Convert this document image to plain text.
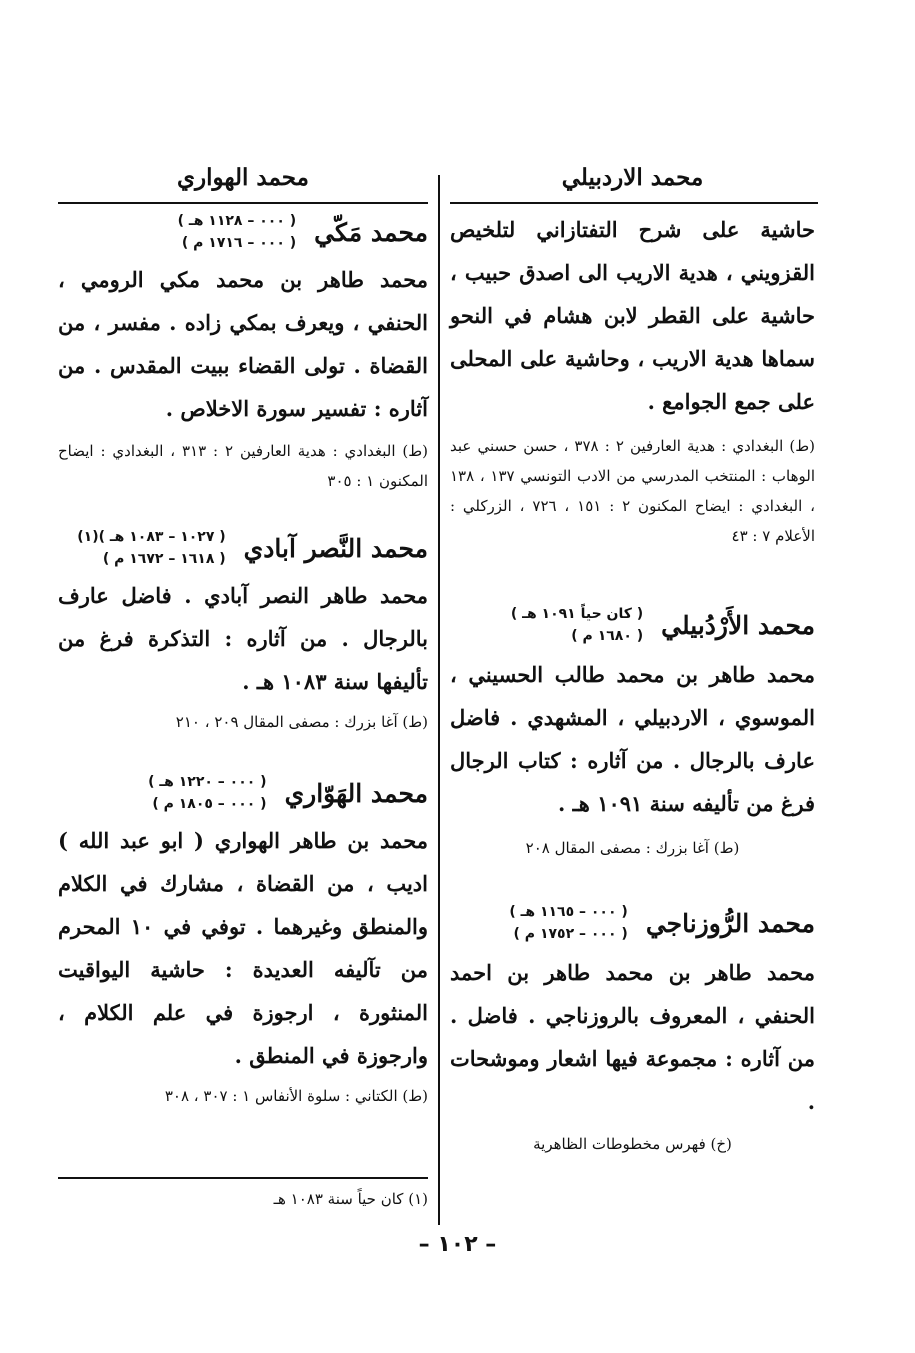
محمد الاردبيلي
محمد الهواري

حاشية على شرح التفتازاني لتلخيص القزويني ، هدية الاريب الى اصدق حبيب ، حاشية على القطر لابن هشام في النحو سماها هدية الاريب ، وحاشية على المحلى على جمع الجوامع .

(ط) البغدادي : هدية العارفين ٢ : ٣٧٨ ، حسن حسني عبد الوهاب : المنتخب المدرسي من الادب التونسي ١٣٧ ، ١٣٨ ، البغدادي : ايضاح المكنون ٢ : ١٥١ ، ٧٢٦ ، الزركلي : الأعلام ٧ : ٤٣

محمد الأَرْدُبيلي
( كان حياً ١٠٩١ هـ )
( ١٦٨٠ م )

محمد طاهر بن محمد طالب الحسيني ، الموسوي ، الاردبيلي ، المشهدي . فاضل عارف بالرجال . من آثاره : كتاب الرجال فرغ من تأليفه سنة ١٠٩١ هـ .

(ط) آغا بزرك : مصفى المقال ٢٠٨

محمد الرُّوزناجي
( ٠٠٠ – ١١٦٥ هـ )
( ٠٠٠ – ١٧٥٢ م )

محمد طاهر بن محمد طاهر بن احمد الحنفي ، المعروف بالروزناجي . فاضل . من آثاره : مجموعة فيها اشعار وموشحات .

(خ) فهرس مخطوطات الظاهرية

محمد مَكّي
( ٠٠٠ – ١١٢٨ هـ )
( ٠٠٠ – ١٧١٦ م )

محمد طاهر بن محمد مكي الرومي ، الحنفي ، ويعرف بمكي زاده . مفسر ، من القضاة . تولى القضاء ببيت المقدس . من آثاره : تفسير سورة الاخلاص .

(ط) البغدادي : هدية العارفين ٢ : ٣١٣ ، البغدادي : ايضاح المكنون ١ : ٣٠٥

محمد النَّصر آبادي
( ١٠٢٧ – ١٠٨٣ هـ )(١)
( ١٦١٨ – ١٦٧٢ م )

محمد طاهر النصر آبادي . فاضل عارف بالرجال . من آثاره : التذكرة فرغ من تأليفها سنة ١٠٨٣ هـ .

(ط) آغا بزرك : مصفى المقال ٢٠٩ ، ٢١٠

محمد الهَوّاري
( ٠٠٠ – ١٢٢٠ هـ )
( ٠٠٠ – ١٨٠٥ م )

محمد بن طاهر الهواري ( ابو عبد الله ) اديب ، من القضاة ، مشارك في الكلام والمنطق وغيرهما . توفي في ١٠ المحرم من تآليفه العديدة : حاشية اليواقيت المنثورة ، ارجوزة في علم الكلام ، وارجوزة في المنطق .

(ط) الكتاني : سلوة الأنفاس ١ : ٣٠٧ ، ٣٠٨

(١) كان حياً سنة ١٠٨٣ هـ
– ١٠٢ –
